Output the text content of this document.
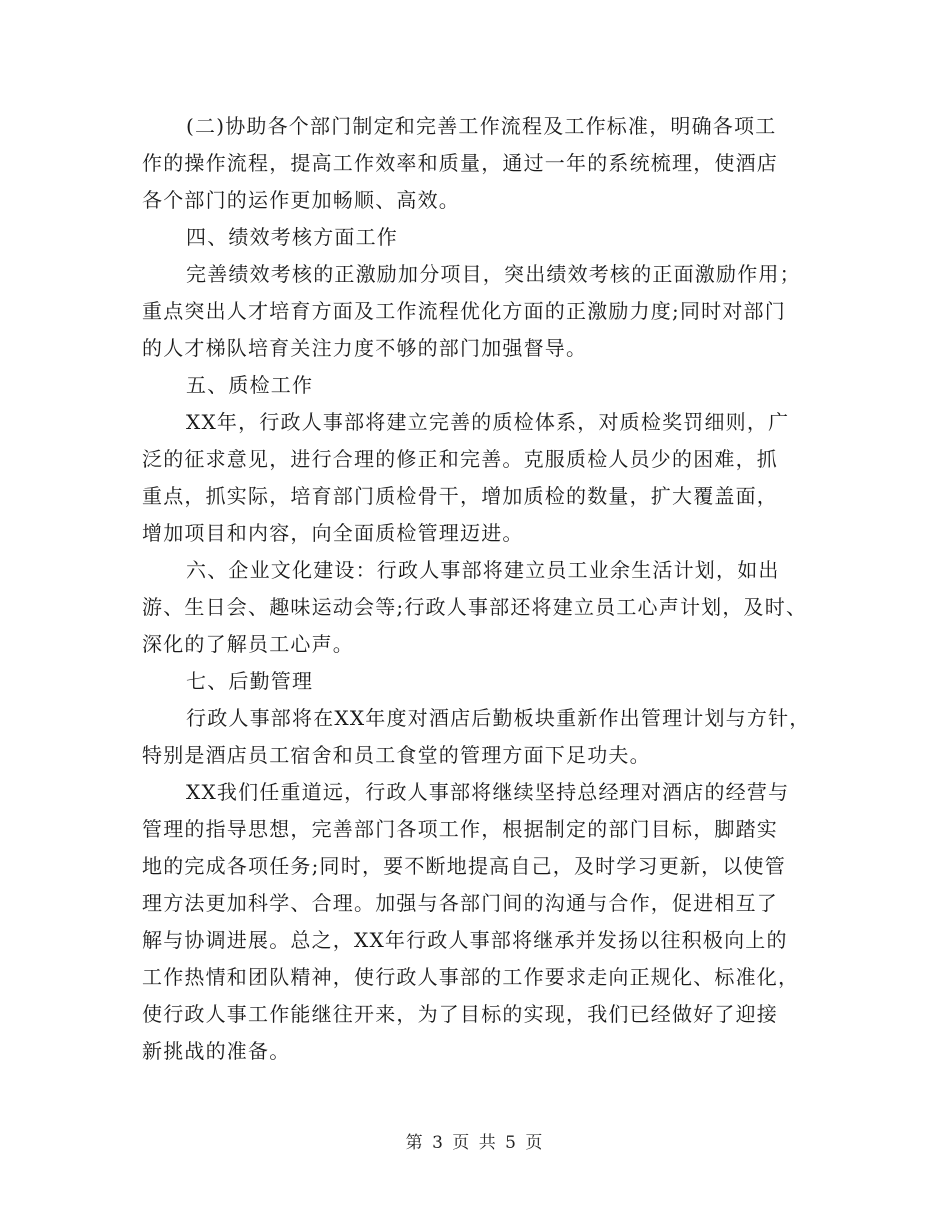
(二)协助各个部门制定和完善工作流程及工作标准，明确各项工
作的操作流程，提高工作效率和质量，通过一年的系统梳理，使酒店
各个部门的运作更加畅顺、高效。
四、绩效考核方面工作
完善绩效考核的正激励加分项目，突出绩效考核的正面激励作用；
重点突出人才培育方面及工作流程优化方面的正激励力度;同时对部门
的人才梯队培育关注力度不够的部门加强督导。
五、质检工作
XX年，行政人事部将建立完善的质检体系，对质检奖罚细则，广
泛的征求意见，进行合理的修正和完善。克服质检人员少的困难，抓
重点，抓实际，培育部门质检骨干，增加质检的数量，扩大覆盖面，
增加项目和内容，向全面质检管理迈进。
六、企业文化建设：行政人事部将建立员工业余生活计划，如出
游、生日会、趣味运动会等;行政人事部还将建立员工心声计划，及时、
深化的了解员工心声。
七、后勤管理
行政人事部将在XX年度对酒店后勤板块重新作出管理计划与方针，
特别是酒店员工宿舍和员工食堂的管理方面下足功夫。
XX我们任重道远，行政人事部将继续坚持总经理对酒店的经营与
管理的指导思想，完善部门各项工作，根据制定的部门目标，脚踏实
地的完成各项任务;同时，要不断地提高自己，及时学习更新，以使管
理方法更加科学、合理。加强与各部门间的沟通与合作，促进相互了
解与协调进展。总之，XX年行政人事部将继承并发扬以往积极向上的
工作热情和团队精神，使行政人事部的工作要求走向正规化、标准化，
使行政人事工作能继往开来，为了目标的实现，我们已经做好了迎接
新挑战的准备。
第 3 页 共 5 页
